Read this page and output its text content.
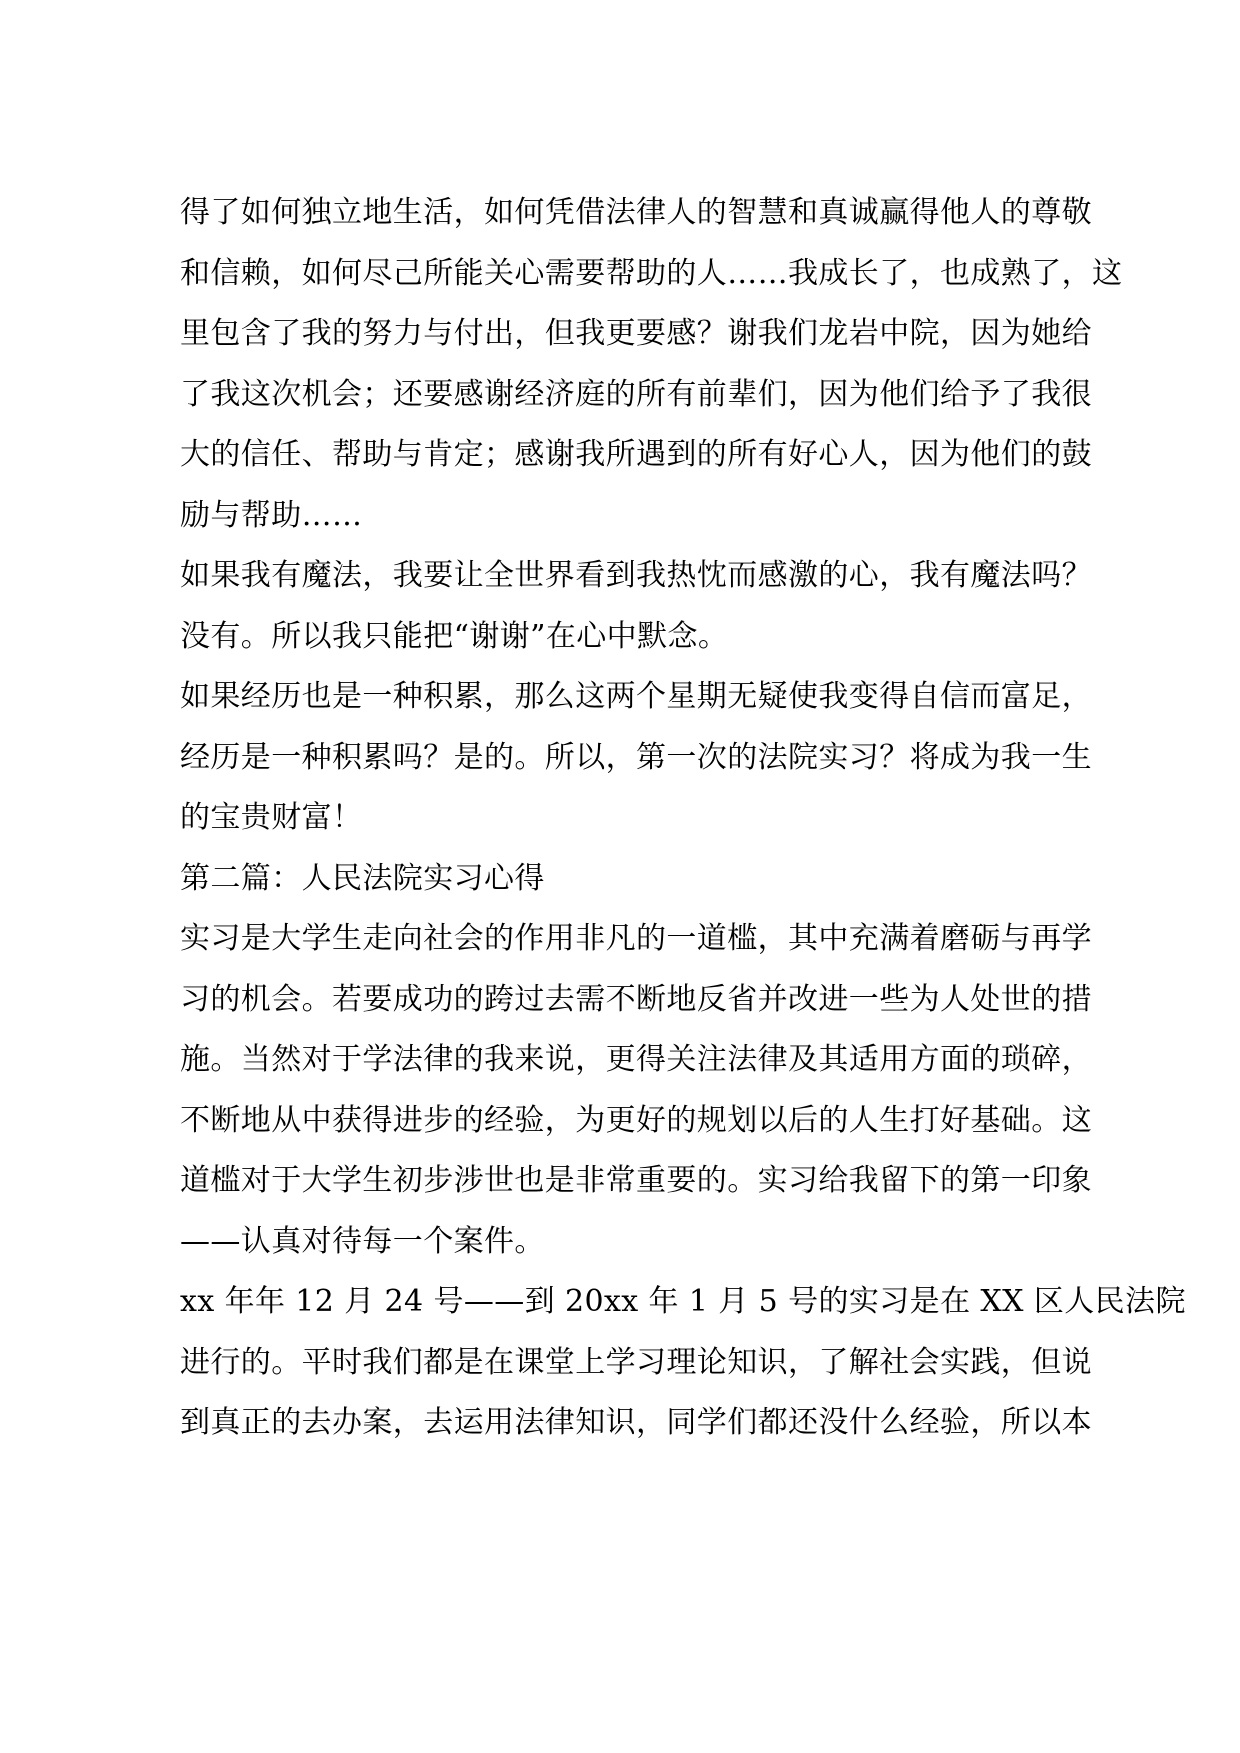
得了如何独立地生活，如何凭借法律人的智慧和真诚赢得他人的尊敬
和信赖，如何尽己所能关心需要帮助的人……我成长了，也成熟了，这
里包含了我的努力与付出，但我更要感？谢我们龙岩中院，因为她给
了我这次机会；还要感谢经济庭的所有前辈们，因为他们给予了我很
大的信任、帮助与肯定；感谢我所遇到的所有好心人，因为他们的鼓
励与帮助……
如果我有魔法，我要让全世界看到我热忱而感激的心，我有魔法吗？
没有。所以我只能把“谢谢”在心中默念。
如果经历也是一种积累，那么这两个星期无疑使我变得自信而富足，
经历是一种积累吗？是的。所以，第一次的法院实习？将成为我一生
的宝贵财富！
第二篇：人民法院实习心得
实习是大学生走向社会的作用非凡的一道槛，其中充满着磨砺与再学
习的机会。若要成功的跨过去需不断地反省并改进一些为人处世的措
施。当然对于学法律的我来说，更得关注法律及其适用方面的琐碎，
不断地从中获得进步的经验，为更好的规划以后的人生打好基础。这
道槛对于大学生初步涉世也是非常重要的。实习给我留下的第一印象
——认真对待每一个案件。
xx 年年 12 月 24 号——到 20xx 年 1 月 5 号的实习是在 XX 区人民法院
进行的。平时我们都是在课堂上学习理论知识，了解社会实践，但说
到真正的去办案，去运用法律知识，同学们都还没什么经验，所以本
